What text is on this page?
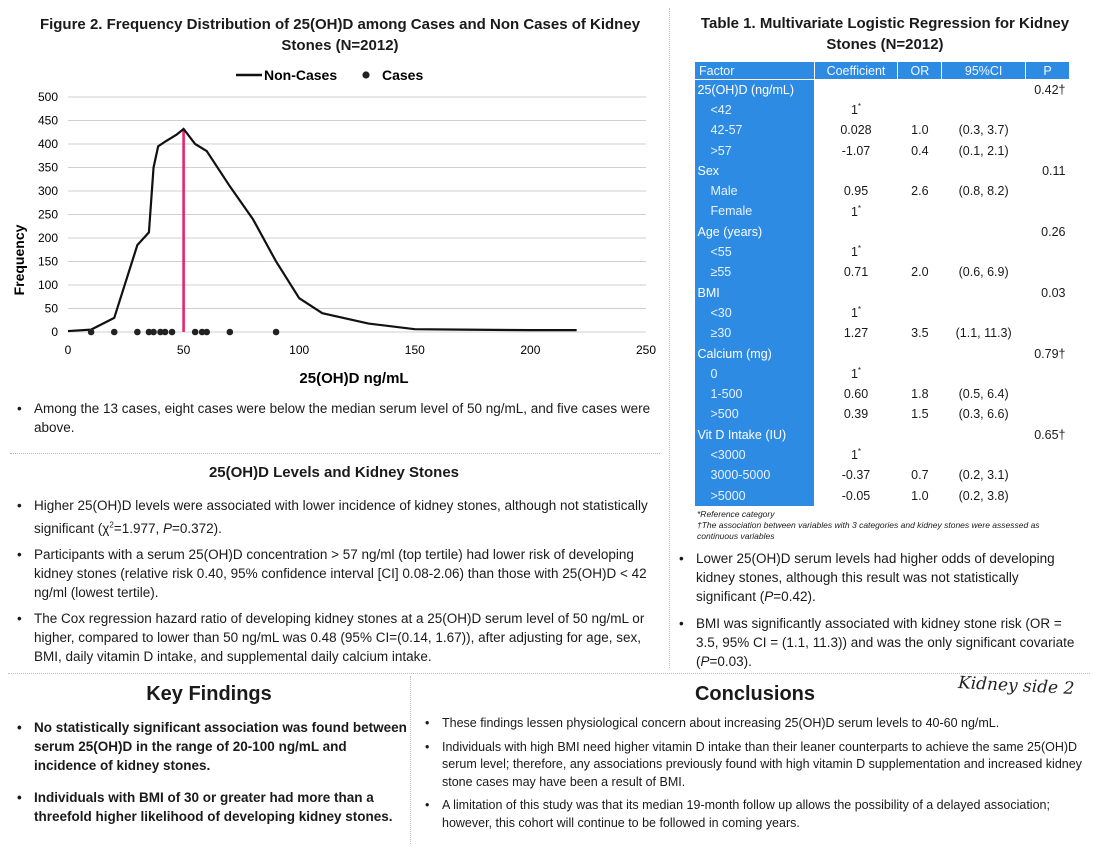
Figure 2. Frequency Distribution of 25(OH)D among Cases and Non Cases of Kidney Stones (N=2012)
0
50
100
150
200
250
300
350
400
450
500
0	50	100	150	200	250
Non-Cases	Cases
Frequency
25(OH)D ng/mL
• Among the 13 cases, eight cases were below the median serum level of 50 ng/mL, and five cases were above.
25(OH)D Levels and Kidney Stones
• Higher 25(OH)D levels were associated with lower incidence of kidney stones, although not statistically significant ($\chi^2=1.977$, P=0.372).
• Participants with a serum 25(OH)D concentration > 57 ng/ml (top tertile) had lower risk of developing kidney stones (relative risk 0.40, 95% confidence interval [CI] 0.08-2.06) than those with 25(OH)D < 42 ng/ml (lowest tertile).
• The Cox regression hazard ratio of developing kidney stones at a 25(OH)D serum level of 50 ng/mL or higher, compared to lower than 50 ng/mL was 0.48 (95% CI=(0.14, 1.67)), after adjusting for age, sex, BMI, daily vitamin D intake, and supplemental daily calcium intake.
Table 1. Multivariate Logistic Regression for Kidney Stones (N=2012)
Factor	Coefficient	OR	95%CI	P
25(OH)D (ng/mL)				0.42†
<42	1*			
42-57	0.028	1.0	(0.3, 3.7)	
>57	-1.07	0.4	(0.1, 2.1)	
Sex				0.11
Male	0.95	2.6	(0.8, 8.2)	
Female	1*			
Age (years)				0.26
<55	1*			
≥55	0.71	2.0	(0.6, 6.9)	
BMI				0.03
<30	1*			
≥30	1.27	3.5	(1.1, 11.3)	
Calcium (mg)				0.79†
0	1*			
1-500	0.60	1.8	(0.5, 6.4)	
>500	0.39	1.5	(0.3, 6.6)	
Vit D Intake (IU)				0.65†
<3000	1*			
3000-5000	-0.37	0.7	(0.2, 3.1)	
>5000	-0.05	1.0	(0.2, 3.8)	
*Reference category
†The association between variables with 3 categories and kidney stones were assessed as continuous variables
• Lower 25(OH)D serum levels had higher odds of developing kidney stones, although this result was not statistically significant (P=0.42).
• BMI was significantly associated with kidney stone risk (OR = 3.5, 95% CI = (1.1, 11.3)) and was the only significant covariate (P=0.03).
Key Findings
• No statistically significant association was found between serum 25(OH)D in the range of 20-100 ng/mL and incidence of kidney stones.
• Individuals with BMI of 30 or greater had more than a threefold higher likelihood of developing kidney stones.
Conclusions
• These findings lessen physiological concern about increasing 25(OH)D serum levels to 40-60 ng/mL.
• Individuals with high BMI need higher vitamin D intake than their leaner counterparts to achieve the same 25(OH)D serum level; therefore, any associations previously found with high vitamin D supplementation and increased kidney stone cases may have been a result of BMI.
• A limitation of this study was that its median 19-month follow up allows the possibility of a delayed association; however, this cohort will continue to be followed in coming years.
Kidney side 2
